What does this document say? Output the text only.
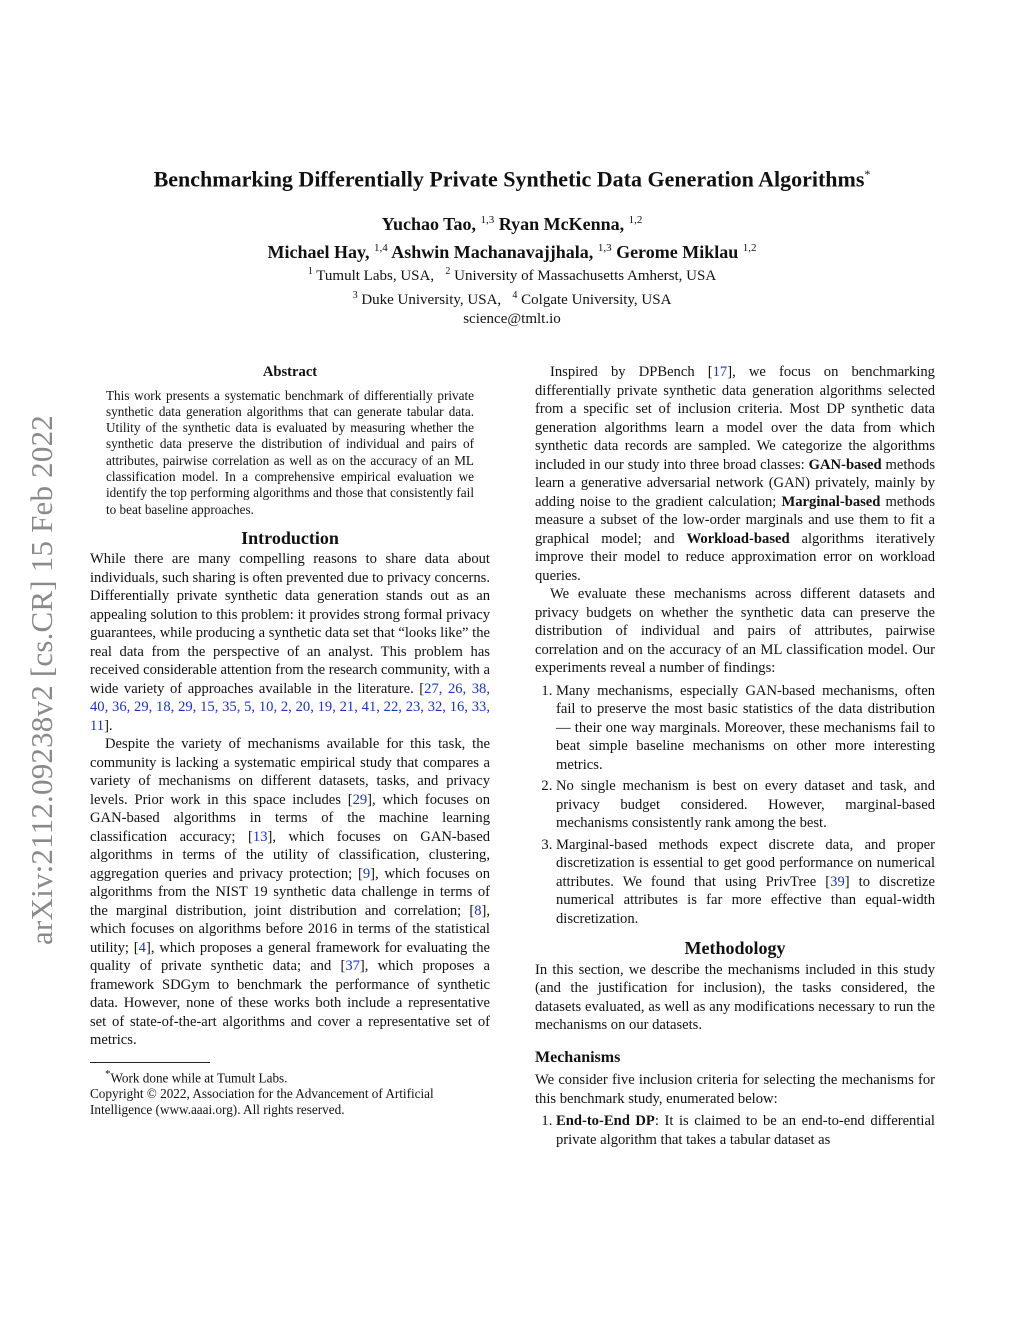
arXiv:2112.09238v2 [cs.CR] 15 Feb 2022
Benchmarking Differentially Private Synthetic Data Generation Algorithms*
Yuchao Tao, $^{1,3}$ Ryan McKenna, $^{1,2}$
Michael Hay, $^{1,4}$ Ashwin Machanavajjhala, $^{1,3}$ Gerome Miklau $^{1,2}$
$^1$ Tumult Labs, USA, $^2$ University of Massachusetts Amherst, USA
$^3$ Duke University, USA, $^4$ Colgate University, USA
science@tmlt.io
Abstract

This work presents a systematic benchmark of differentially private synthetic data generation algorithms that can generate tabular data. Utility of the synthetic data is evaluated by measuring whether the synthetic data preserve the distribution of individual and pairs of attributes, pairwise correlation as well as on the accuracy of an ML classification model. In a comprehensive empirical evaluation we identify the top performing algorithms and those that consistently fail to beat baseline approaches.

Introduction

While there are many compelling reasons to share data about individuals, such sharing is often prevented due to privacy concerns. Differentially private synthetic data generation stands out as an appealing solution to this problem: it provides strong formal privacy guarantees, while producing a synthetic data set that “looks like” the real data from the perspective of an analyst. This problem has received considerable attention from the research community, with a wide variety of approaches available in the literature. [27, 26, 38, 40, 36, 29, 18, 29, 15, 35, 5, 10, 2, 20, 19, 21, 41, 22, 23, 32, 16, 33, 11].

Despite the variety of mechanisms available for this task, the community is lacking a systematic empirical study that compares a variety of mechanisms on different datasets, tasks, and privacy levels. Prior work in this space includes [29], which focuses on GAN-based algorithms in terms of the machine learning classification accuracy; [13], which focuses on GAN-based algorithms in terms of the utility of classification, clustering, aggregation queries and privacy protection; [9], which focuses on algorithms from the NIST 19 synthetic data challenge in terms of the marginal distribution, joint distribution and correlation; [8], which focuses on algorithms before 2016 in terms of the statistical utility; [4], which proposes a general framework for evaluating the quality of private synthetic data; and [37], which proposes a framework SDGym to benchmark the performance of synthetic data. However, none of these works both include a representative set of state-of-the-art algorithms and cover a representative set of metrics.

*Work done while at Tumult Labs.
Copyright © 2022, Association for the Advancement of Artificial Intelligence (www.aaai.org). All rights reserved.

Inspired by DPBench [17], we focus on benchmarking differentially private synthetic data generation algorithms selected from a specific set of inclusion criteria. Most DP synthetic data generation algorithms learn a model over the data from which synthetic data records are sampled. We categorize the algorithms included in our study into three broad classes: GAN-based methods learn a generative adversarial network (GAN) privately, mainly by adding noise to the gradient calculation; Marginal-based methods measure a subset of the low-order marginals and use them to fit a graphical model; and Workload-based algorithms iteratively improve their model to reduce approximation error on workload queries.

We evaluate these mechanisms across different datasets and privacy budgets on whether the synthetic data can preserve the distribution of individual and pairs of attributes, pairwise correlation and on the accuracy of an ML classification model. Our experiments reveal a number of findings:

1. Many mechanisms, especially GAN-based mechanisms, often fail to preserve the most basic statistics of the data distribution — their one way marginals. Moreover, these mechanisms fail to beat simple baseline mechanisms on other more interesting metrics.
2. No single mechanism is best on every dataset and task, and privacy budget considered. However, marginal-based mechanisms consistently rank among the best.
3. Marginal-based methods expect discrete data, and proper discretization is essential to get good performance on numerical attributes. We found that using PrivTree [39] to discretize numerical attributes is far more effective than equal-width discretization.
Methodology

In this section, we describe the mechanisms included in this study (and the justification for inclusion), the tasks considered, the datasets evaluated, as well as any modifications necessary to run the mechanisms on our datasets.

Mechanisms

We consider five inclusion criteria for selecting the mechanisms for this benchmark study, enumerated below:

1. End-to-End DP: It is claimed to be an end-to-end differential private algorithm that takes a tabular dataset as
